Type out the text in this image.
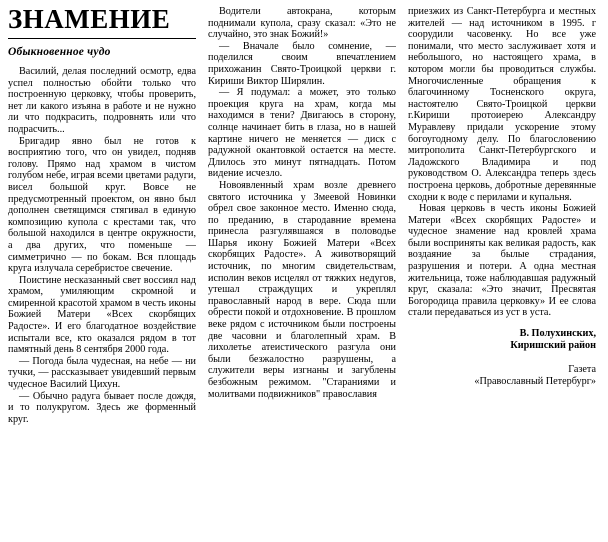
ЗНАМЕНИЕ
Обыкновенное чудо

Василий, делая последний осмотр, едва успел полностью обойти только что построенную церковку, чтобы проверить, нет ли какого изъяна в работе и не нужно ли что подкрасить, подровнять или что подрасчить...

Бригадир явно был не готов к восприятию того, что он увидел, подняв голову. Прямо над храмом в чистом голубом небе, играя всеми цветами радуги, висел большой круг. Вовсе не предусмотренный проектом, он явно был дополнен светящимся стягивал в единую композицию купола с крестами так, что большой находился в центре окружности, а два других, что поменьше — симметрично — по бокам. Вся площадь круга излучала серебристое свечение.

Поистине несказанный свет восcиял над храмом, умиляющим скромной и смиренной красотой храмом в честь иконы Божией Матери «Всех скорбящих Радосте». И его благодатное воздействие испытали все, кто оказался рядом в тот памятный день 8 сентября 2000 года.

— Погода была чудесная, на небе — ни тучки, — рассказывает увидевший первым чудесное Василий Цихун.

— Обычно радуга бывает после дождя, и то полукругом. Здесь же форменный круг.

Водители автокрана, которым поднимали купола, сразу сказал: «Это не случайно, это знак Божий!»

— Вначале было сомнение, — поделился своим впечатлением прихожанин Свято-Троицкой церкви г. Кириши Виктор Ширялин.

— Я подумал: а может, это только проекция круга на храм, когда мы находимся в тени? Двигаюсь в сторону, солнце начинает бить в глаза, но в нашей картине ничего не меняется — диск с радужной окантовкой остается на месте. Длилось это минут пятнадцать. Потом видение исчезло.

Новоявленный храм возле древнего святого источника у Змеевой Новинки обрел свое законное место. Именно сюда, по преданию, в стародавние времена принесла разгулявшаяся в половодье Шарья икону Божией Матери «Всех скорбящих Радосте». А животворящий источник, по многим свидетельствам, исполин веков исцелял от тяжких недугов, утешал страждущих и укреплял православный народ в вере. Сюда шли обрести покой и отдохновение. В прошлом веке рядом с источником были построены две часовни и благолепный храм. В лихолетье атеистического разгула они были безжалостно разрушены, а служители веры изгнаны и загублены безбожным режимом. "Стараниями и молитвами подвижников" православия

приезжих из Санкт-Петербурга и местных жителей — над источником в 1995. г соорудили часовенку. Но все уже понимали, что место заслуживает хотя и небольшого, но настоящего храма, в котором могли бы проводиться службы. Многочисленные обращения к благочинному Тосненского округа, настоятелю Свято-Троицкой церкви г.Кириши протоиерею Александру Муравлеву придали ускорение этому богоугодному делу. По благословению митрополита Санкт-Петербургского и Ладожского Владимира и под руководством О. Александра теперь здесь построена церковь, добротные деревянные сходни к воде с перилами и купальня.

Новая церковь в честь иконы Божией Матери «Всех скорбящих Радосте» и чудесное знамение над кровлей храма были восприняты как великая радость, как воздаяние за былые страдания, разрушения и потери. А одна местная жительница, тоже наблюдавшая радужный круг, сказала: «Это значит, Пресвятая Богородица правила церковку» И ее слова стали передаваться из уст в уста.

В. Полухинских,
Киришский район
Газета
«Православный Петербург»
